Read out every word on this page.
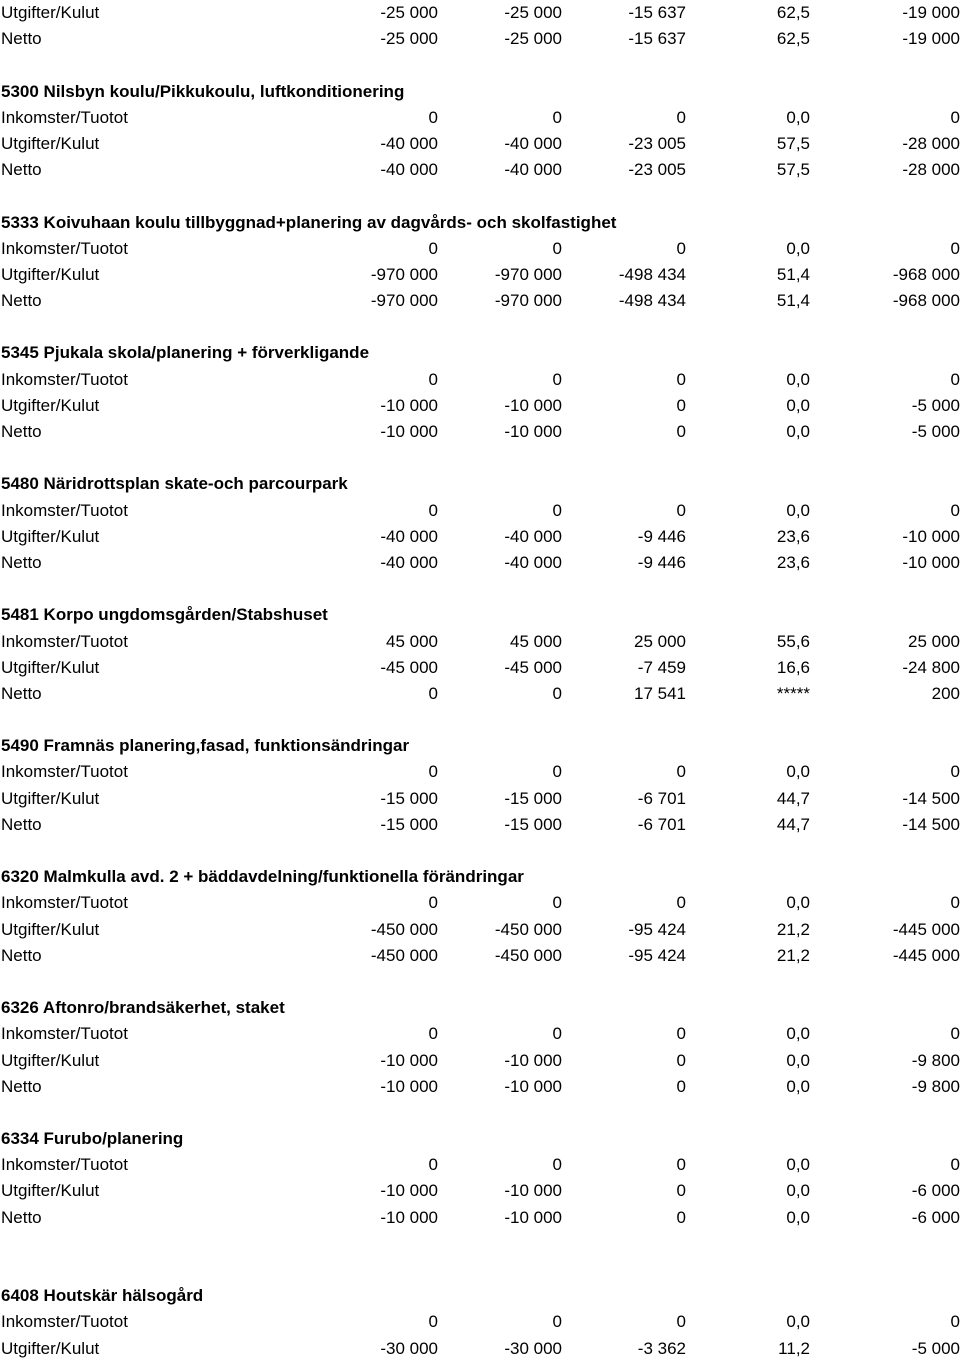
Utgifter/Kulut	-25 000	-25 000	-15 637	62,5	-19 000
Netto	-25 000	-25 000	-15 637	62,5	-19 000
5300 Nilsbyn koulu/Pikkukoulu, luftkonditionering
Inkomster/Tuotot	0	0	0	0,0	0
Utgifter/Kulut	-40 000	-40 000	-23 005	57,5	-28 000
Netto	-40 000	-40 000	-23 005	57,5	-28 000
5333 Koivuhaan koulu tillbyggnad+planering av dagvårds- och skolfastighet
Inkomster/Tuotot	0	0	0	0,0	0
Utgifter/Kulut	-970 000	-970 000	-498 434	51,4	-968 000
Netto	-970 000	-970 000	-498 434	51,4	-968 000
5345 Pjukala skola/planering + förverkligande
Inkomster/Tuotot	0	0	0	0,0	0
Utgifter/Kulut	-10 000	-10 000	0	0,0	-5 000
Netto	-10 000	-10 000	0	0,0	-5 000
5480 Näridrottsplan skate-och parcourpark
Inkomster/Tuotot	0	0	0	0,0	0
Utgifter/Kulut	-40 000	-40 000	-9 446	23,6	-10 000
Netto	-40 000	-40 000	-9 446	23,6	-10 000
5481 Korpo ungdomsgården/Stabshuset
Inkomster/Tuotot	45 000	45 000	25 000	55,6	25 000
Utgifter/Kulut	-45 000	-45 000	-7 459	16,6	-24 800
Netto	0	0	17 541	*****	200
5490 Framnäs planering,fasad, funktionsändringar
Inkomster/Tuotot	0	0	0	0,0	0
Utgifter/Kulut	-15 000	-15 000	-6 701	44,7	-14 500
Netto	-15 000	-15 000	-6 701	44,7	-14 500
6320 Malmkulla avd. 2 + bäddavdelning/funktionella förändringar
Inkomster/Tuotot	0	0	0	0,0	0
Utgifter/Kulut	-450 000	-450 000	-95 424	21,2	-445 000
Netto	-450 000	-450 000	-95 424	21,2	-445 000
6326 Aftonro/brandsäkerhet, staket
Inkomster/Tuotot	0	0	0	0,0	0
Utgifter/Kulut	-10 000	-10 000	0	0,0	-9 800
Netto	-10 000	-10 000	0	0,0	-9 800
6334 Furubo/planering
Inkomster/Tuotot	0	0	0	0,0	0
Utgifter/Kulut	-10 000	-10 000	0	0,0	-6 000
Netto	-10 000	-10 000	0	0,0	-6 000
6408 Houtskär hälsogård
Inkomster/Tuotot	0	0	0	0,0	0
Utgifter/Kulut	-30 000	-30 000	-3 362	11,2	-5 000
